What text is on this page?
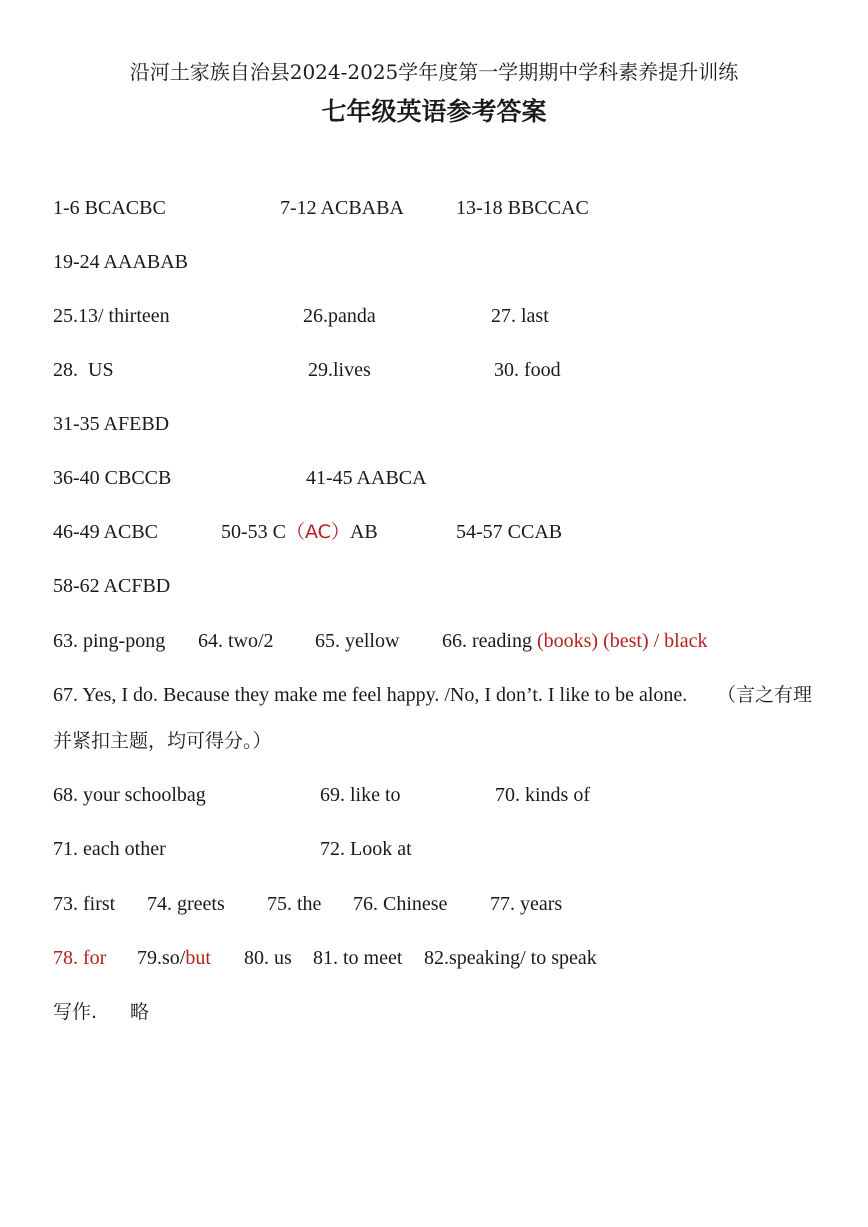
沿河土家族自治县2024-2025学年度第一学期期中学科素养提升训练
七年级英语参考答案
1-6 BCACBC	7-12 ACBABA	13-18 BBCCAC
19-24 AAABAB
25.13/ thirteen	26.panda	27. last
28.  US	29.lives	30. food
31-35 AFEBD
36-40 CBCCB	41-45 AABCA
46-49 ACBC	50-53 C（AC）AB	54-57 CCAB
58-62 ACFBD
63. ping-pong 64. two/2 65. yellow 66. reading (books) (best) / black
67. Yes, I do. Because they make me feel happy. /No, I don’t. I like to be alone. （言之有理
并紧扣主题，均可得分。）
68. your schoolbag	69. like to	70. kinds of
71. each other	72. Look at
73. first 74. greets 75. the 76. Chinese 77. years
78. for 79.so/but 80. us 81. to meet 82.speaking/ to speak
写作. 略
